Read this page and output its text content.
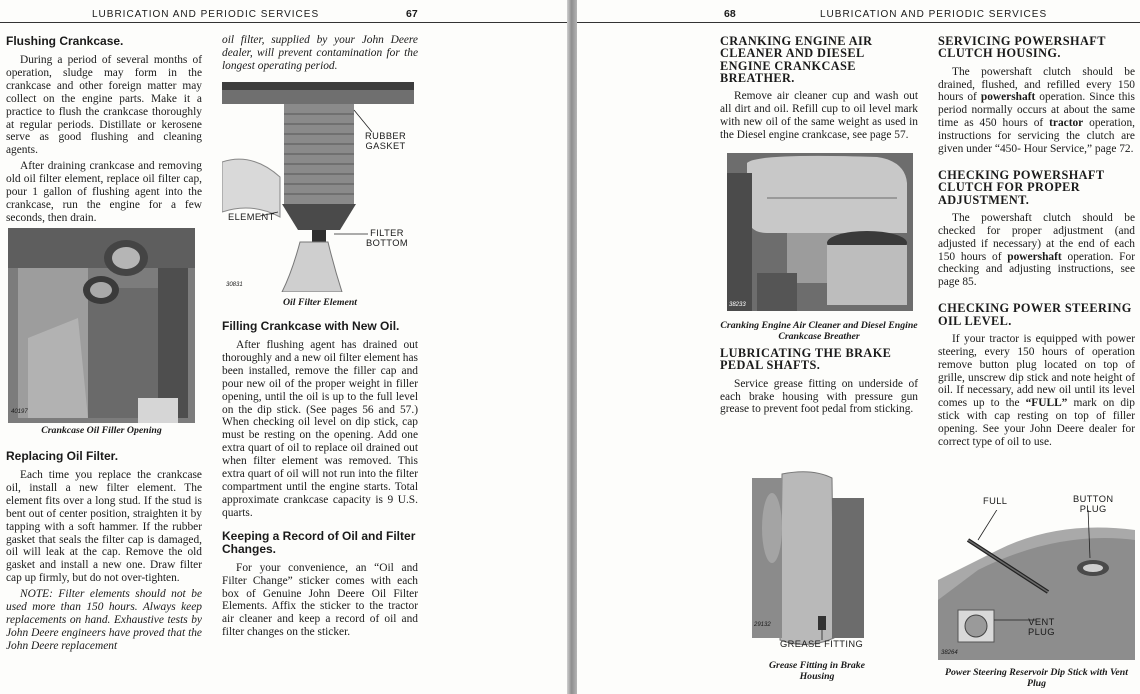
LUBRICATION AND PERIODIC SERVICES	67
Flushing Crankcase.

During a period of several months of operation, sludge may form in the crankcase and other foreign matter may collect on the engine parts. Make it a practice to flush the crankcase thoroughly at regular periods. Distillate or kerosene serve as good flushing and cleaning agents.

After draining crankcase and removing old oil filter element, replace oil filter cap, pour 1 gallon of flushing agent into the crankcase, run the engine for a few seconds, then drain.

40197
Crankcase Oil Filler Opening
Replacing Oil Filter.

Each time you replace the crankcase oil, install a new filter element. The element fits over a long stud. If the stud is bent out of center position, straighten it by tapping with a soft hammer. If the rubber gasket that seals the filter cap is damaged, oil will leak at the cap. Remove the old gasket and install a new one. Draw filter cap up firmly, but do not over-tighten.

NOTE: Filter elements should not be used more than 150 hours. Always keep replacements on hand. Exhaustive tests by John Deere engineers have proved that the John Deere replacement

oil filter, supplied by your John Deere dealer, will prevent contamination for the longest operating period.

30831
RUBBER
GASKET
ELEMENT
FILTER
BOTTOM
Oil Filter Element
Filling Crankcase with New Oil.

After flushing agent has drained out thoroughly and a new oil filter element has been installed, remove the filler cap and pour new oil of the proper weight in filler opening, until the oil is up to the full level on the dip stick. (See pages 56 and 57.) When checking oil level on dip stick, cap must be resting on the opening. Add one extra quart of oil to replace oil drained out when filter element was removed. This extra quart of oil will not run into the filter compartment until the engine starts. Total approximate crankcase capacity is 9 U.S. quarts.

Keeping a Record of Oil and Filter Changes.

For your convenience, an “Oil and Filter Change” sticker comes with each box of Genuine John Deere Oil Filter Elements. Affix the sticker to the tractor air cleaner and keep a record of oil and filter changes on the sticker.

68	LUBRICATION AND PERIODIC SERVICES
CRANKING ENGINE AIR CLEANER AND DIESEL ENGINE CRANKCASE BREATHER.

Remove air cleaner cup and wash out all dirt and oil. Refill cup to oil level mark with new oil of the same weight as used in the Diesel engine crankcase, see page 57.

38233
Cranking Engine Air Cleaner and Diesel Engine Crankcase Breather
LUBRICATING THE BRAKE PEDAL SHAFTS.

Service grease fitting on underside of each brake housing with pressure gun grease to prevent foot pedal from sticking.

29132
GREASE FITTING
Grease Fitting in Brake Housing
SERVICING POWERSHAFT CLUTCH HOUSING.

The powershaft clutch should be drained, flushed, and refilled every 150 hours of powershaft operation. Since this period normally occurs at about the same time as 450 hours of tractor operation, instructions for servicing the clutch are given under “450- Hour Service,” page 72.

CHECKING POWERSHAFT CLUTCH FOR PROPER ADJUSTMENT.

The powershaft clutch should be checked for proper adjustment (and adjusted if necessary) at the end of each 150 hours of powershaft operation. For checking and adjusting instructions, see page 85.

CHECKING POWER STEERING OIL LEVEL.

If your tractor is equipped with power steering, every 150 hours of operation remove button plug located on top of grille, unscrew dip stick and note height of oil. If necessary, add new oil until its level comes up to the “FULL” mark on dip stick with cap resting on top of filler opening. See your John Deere dealer for correct type of oil to use.

38264
FULL	BUTTON
PLUG
VENT
PLUG
Power Steering Reservoir Dip Stick with Vent Plug
